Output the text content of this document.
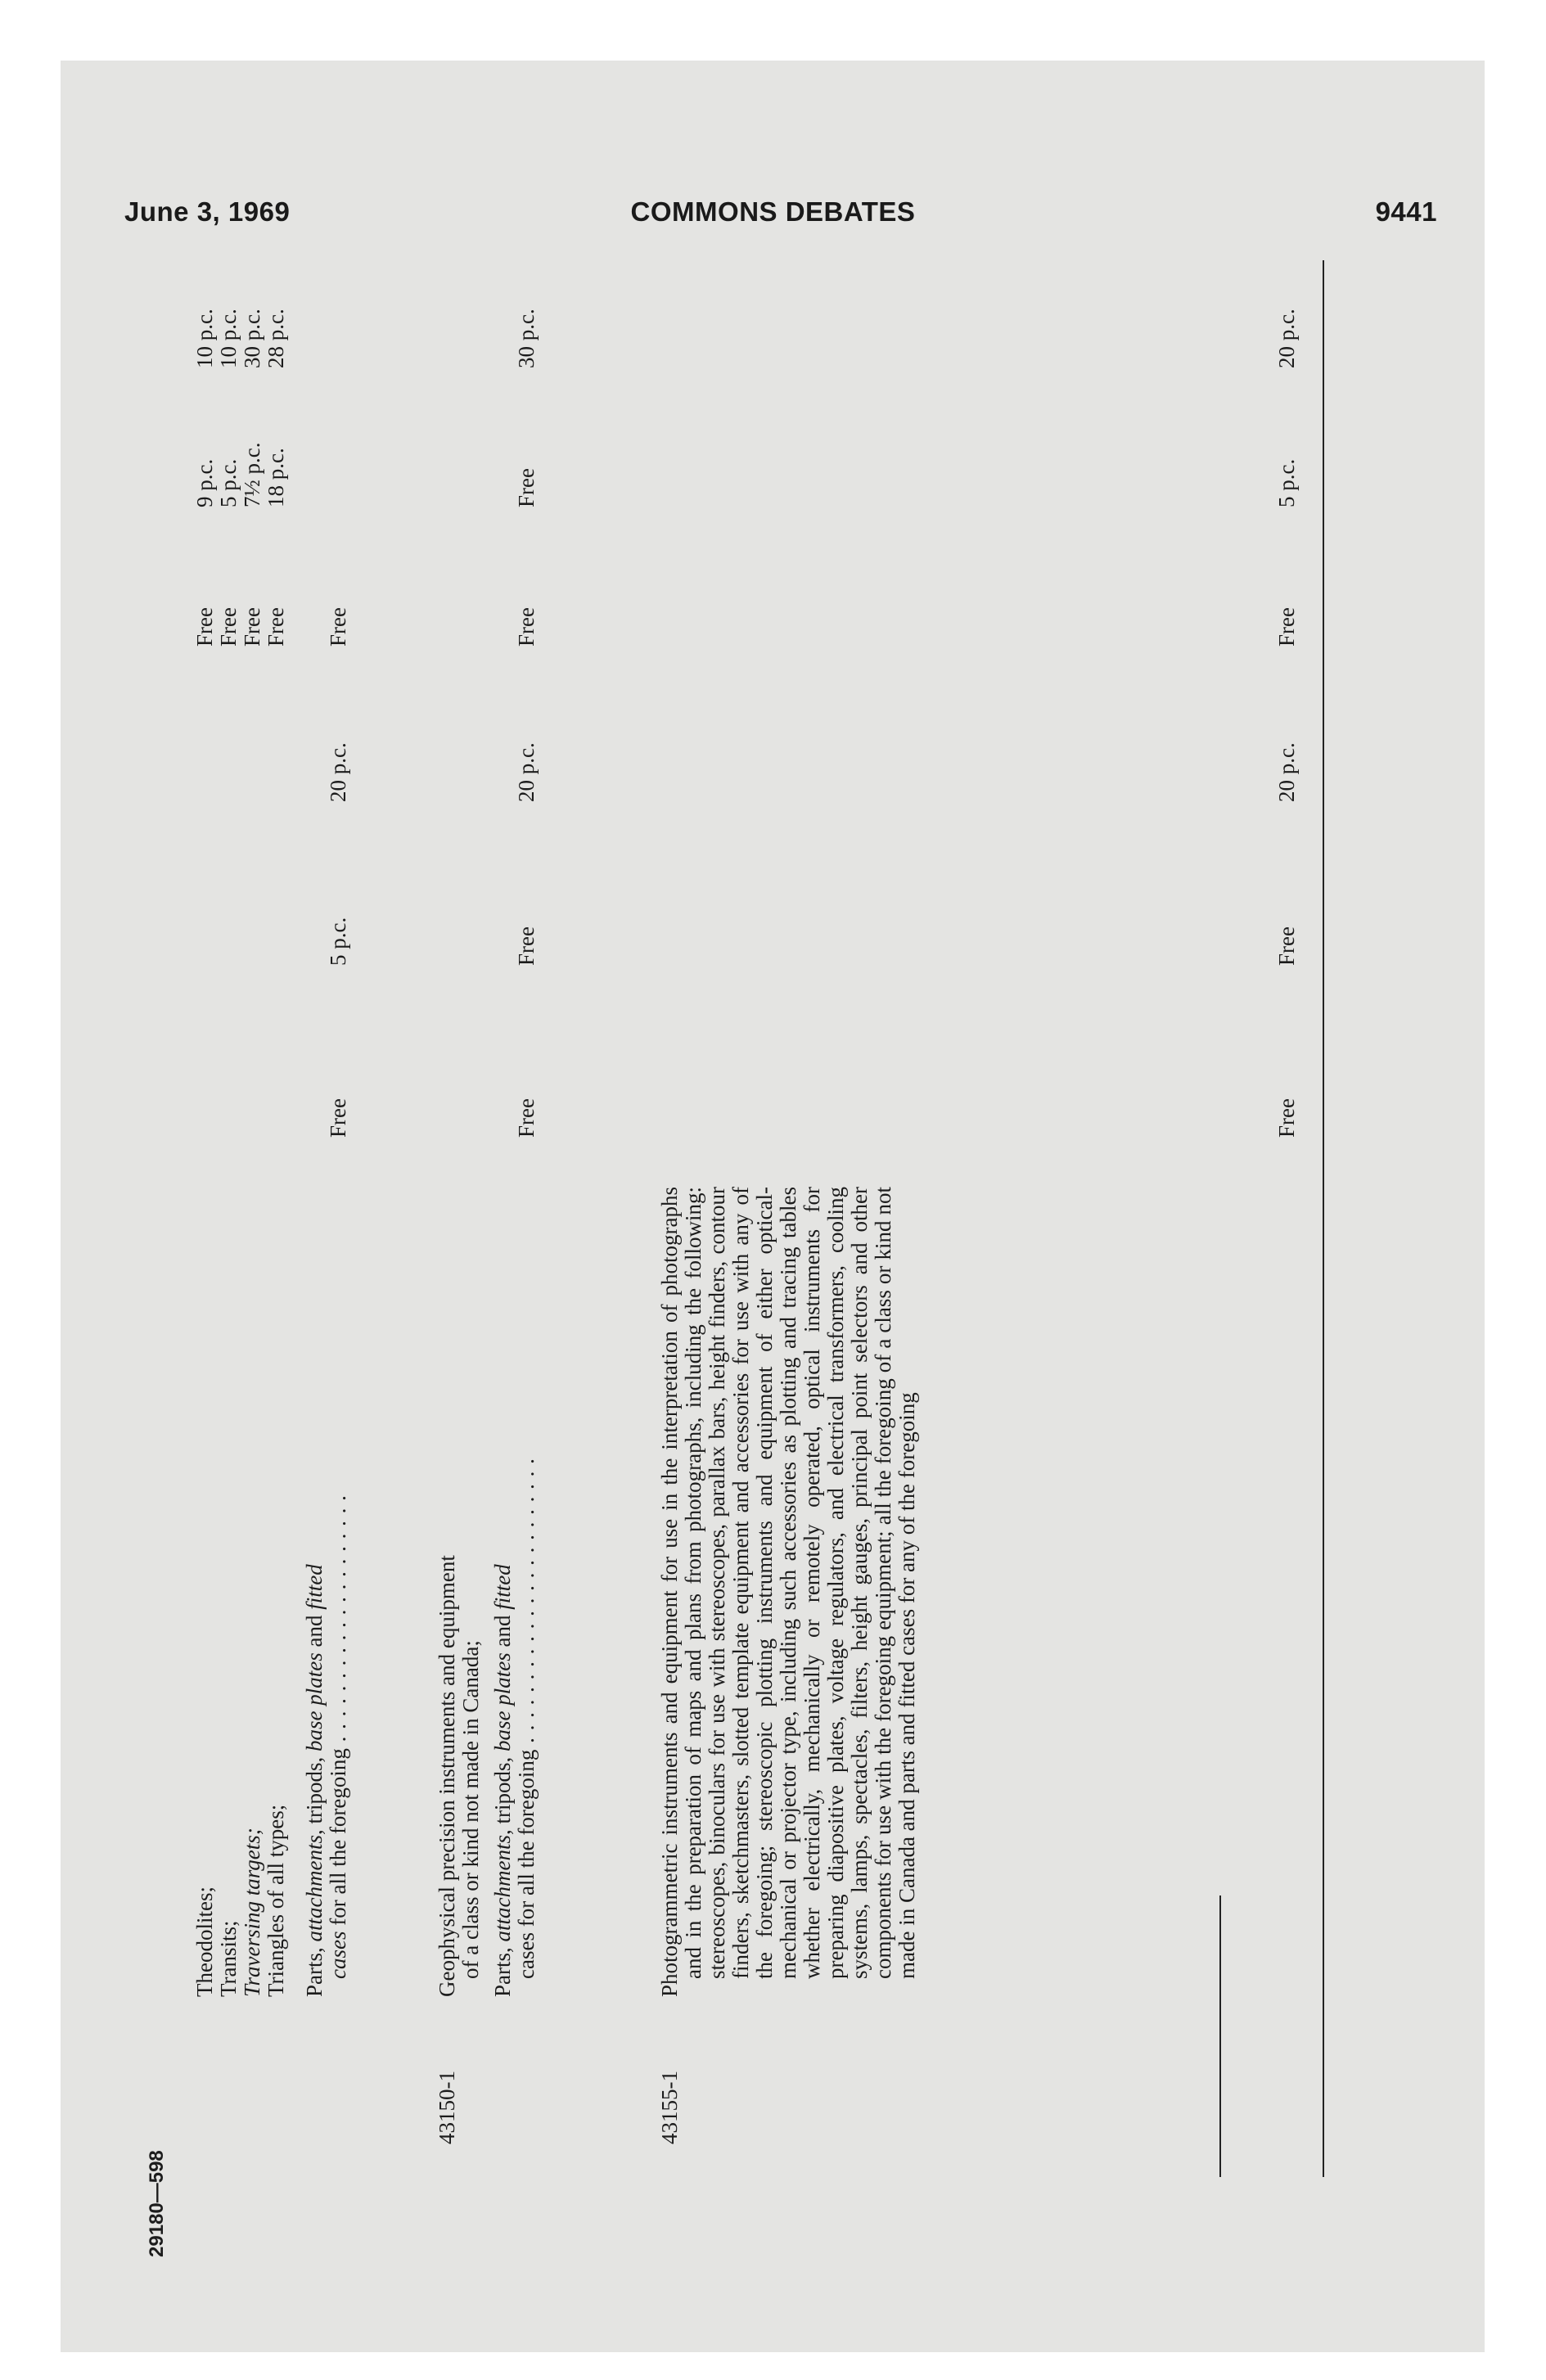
June 3, 1969	COMMONS DEBATES	9441
29180—598
Theodolites; Transits; Traversing targets; Triangles of all types;
Free
9 p.c.
10 p.c.
Free
5 p.c.
10 p.c.
Free
7½ p.c.
30 p.c.
Free
18 p.c.
28 p.c.
Parts, attachments, tripods, base plates and fitted
cases for all the foregoing . . . . . . . . . . . . . . . . . . . .
Free
5 p.c.
20 p.c.
Free
43150-1
Geophysical precision instruments and equipment of a class or kind not made in Canada; Parts, attachments, tripods, base plates and fitted
cases for all the foregoing . . . . . . . . . . . . . . . . . . . . . . .
Free
Free
20 p.c.
Free
Free
30 p.c.
43155-1

Photogrammetric instruments and equipment for use in the interpretation of photographs and in the preparation of maps and plans from photographs, including the following: stereoscopes, binoculars for use with stereoscopes, parallax bars, height finders, contour finders, sketchmasters, slotted template equipment and accessories for use with any of the foregoing; stereoscopic plotting instruments and equipment of either optical-mechanical or projector type, including such accessories as plotting and tracing tables whether electrically, mechanically or remotely operated, optical instruments for preparing diapositive plates, voltage regulators, and electrical transformers, cooling systems, lamps, spectacles, filters, height gauges, principal point selectors and other components for use with the foregoing equipment; all the foregoing of a class or kind not made in Canada and parts and fitted cases for any of the foregoing

Free
Free
20 p.c.
Free
5 p.c.
20 p.c.
